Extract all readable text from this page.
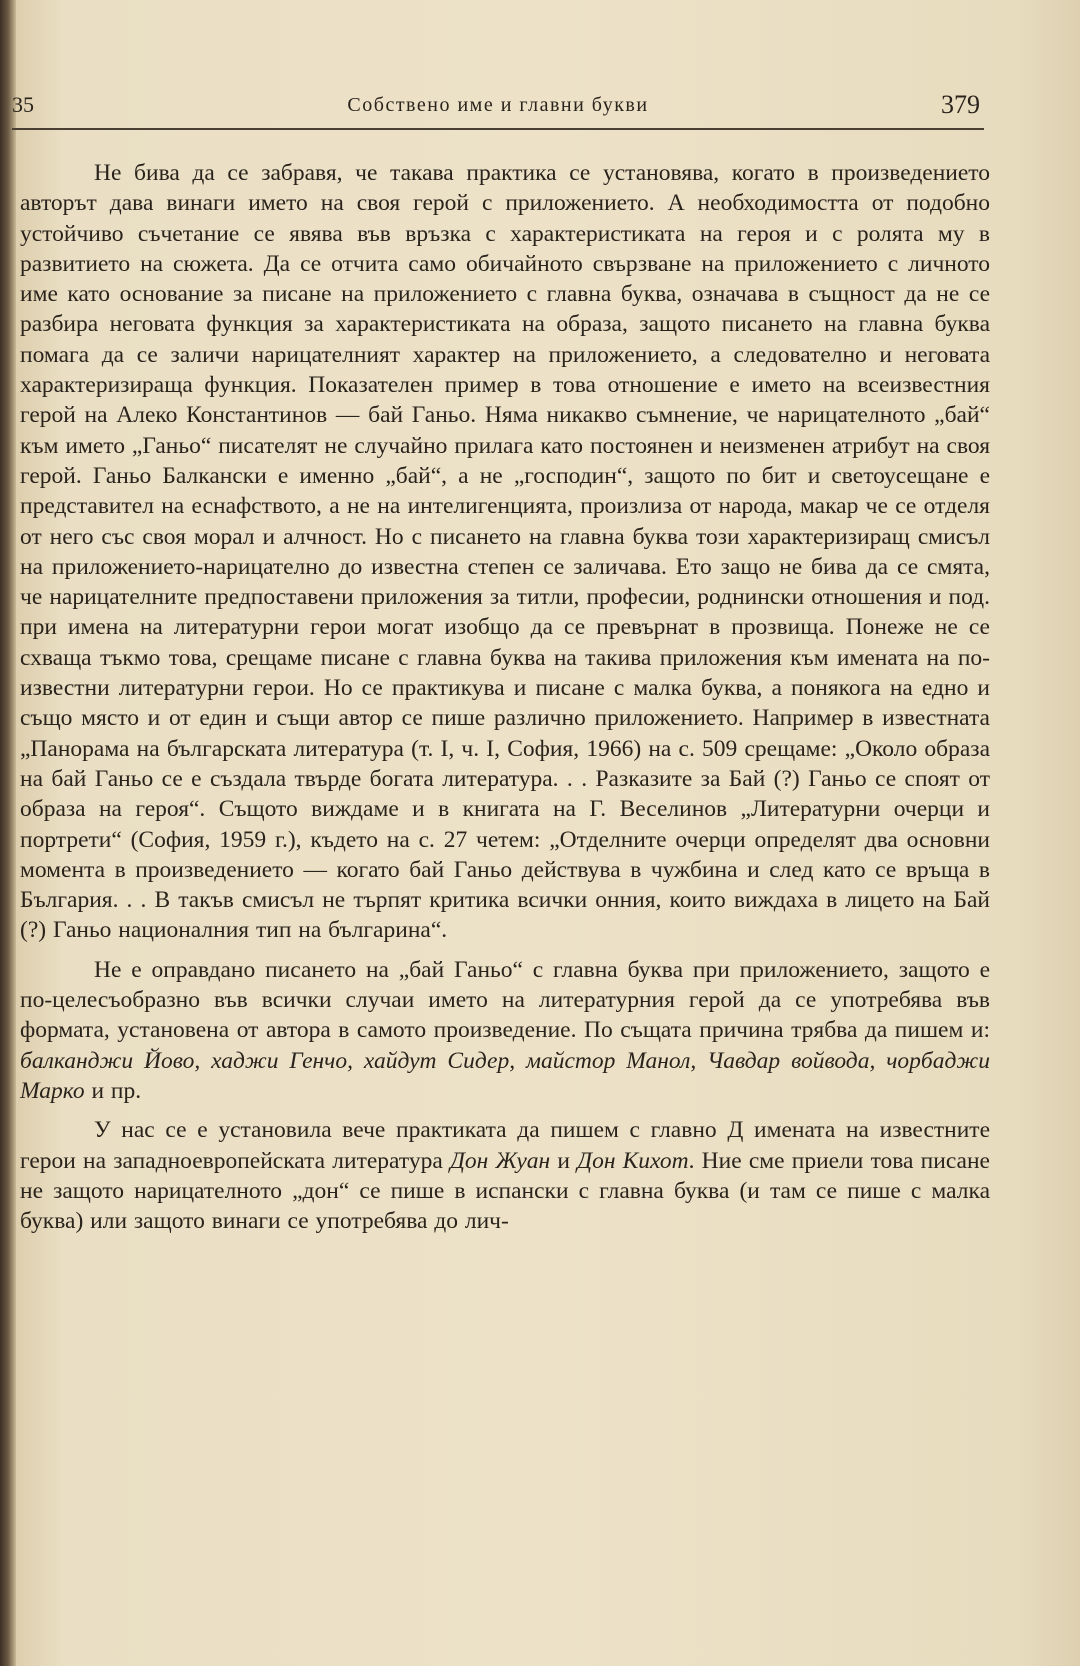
35	Собствено име и главни букви	379

Не бива да се забравя, че такава практика се установява, когато в произведението авторът дава винаги името на своя герой с приложението. А необходимостта от подобно устойчиво съчетание се явява във връзка с характеристиката на героя и с ролята му в развитието на сюжета. Да се отчита само обичайното свързване на приложението с личното име като основание за писане на приложението с главна буква, означава в същност да не се разбира неговата функция за характеристиката на образа, защото писането на главна буква помага да се заличи нарицателният характер на приложението, а следователно и неговата характеризираща функция. Показателен пример в това отношение е името на всеизвестния герой на Алеко Константинов — бай Ганьо. Няма никакво съмнение, че нарицателното „бай“ към името „Ганьо“ писателят не случайно прилага като постоянен и неизменен атрибут на своя герой. Ганьо Балкански е именно „бай“, а не „господин“, защото по бит и светоусещане е представител на еснафството, а не на интелигенцията, произлиза от народа, макар че се отделя от него със своя морал и алчност. Но с писането на главна буква този характеризиращ смисъл на приложението-нарицателно до известна степен се заличава. Ето защо не бива да се смята, че нарицателните предпоставени приложения за титли, професии, роднински отношения и под. при имена на литературни герои могат изобщо да се превърнат в прозвища. Понеже не се схваща тъкмо това, срещаме писане с главна буква на такива приложения към имената на по-известни литературни герои. Но се практикува и писане с малка буква, а понякога на едно и също място и от един и същи автор се пише различно приложението. Например в известната „Панорама на българската литература (т. I, ч. I, София, 1966) на с. 509 срещаме: „Около образа на бай Ганьо се е създала твърде богата литература. . . Разказите за Бай (?) Ганьо се споят от образа на героя“. Същото виждаме и в книгата на Г. Веселинов „Литературни очерци и портрети“ (София, 1959 г.), където на с. 27 четем: „Отделните очерци определят два основни момента в произведението — когато бай Ганьо действува в чужбина и след като се връща в България. . . В такъв смисъл не търпят критика всички онния, които виждаха в лицето на Бай (?) Ганьо националния тип на българина“.

Не е оправдано писането на „бай Ганьо“ с главна буква при приложението, защото е по-целесъобразно във всички случаи името на литературния герой да се употребява във формата, установена от автора в самото произведение. По същата причина трябва да пишем и: балканджи Йово, хаджи Генчо, хайдут Сидер, майстор Манол, Чавдар войвода, чорбаджи Марко и пр.

У нас се е установила вече практиката да пишем с главно Д имената на известните герои на западноевропейската литература Дон Жуан и Дон Кихот. Ние сме приели това писане не защото нарицателното „дон“ се пише в испански с главна буква (и там се пише с малка буква) или защото винаги се употребява до лич-
